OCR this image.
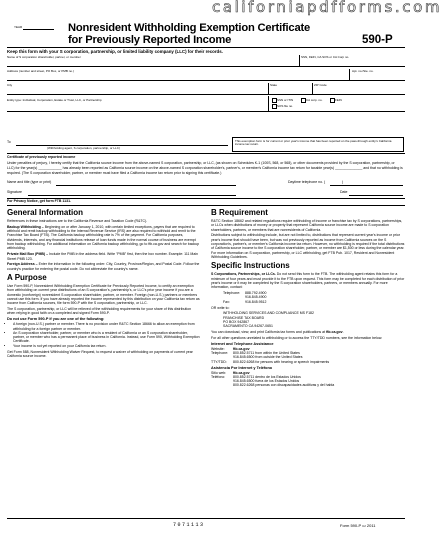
californiapdfforms.com
YEAR	Nonresident Withholding Exemption Certificate
for Previously Reported Income	590-P
Keep this form with your S corporation, partnership, or limited liability company (LLC) for their records.
Name of S corporation shareholder, partner, or member	SSN, FEIN, CA SOS or CA Corp no.
Address (number and street, PO Box, or PMB no.)	Apt. no./Ste. no.
City	State	ZIP Code
Entity type: Individual, Corporation, Estate or Trust, LLC, or Partnership	SSN or ITIN	CA corp. no.	FEIN
SOS file no.
To
(Withholding agent, S corporation, partnership, or LLC)
This exemption form is for current or prior year's income that has been reported on the pass-through entity's California income tax return.
Certificate of previously reported income
Under penalties of perjury, I hereby certify that the California source income from the above-named S corporation, partnership, or LLC, (as shown on Schedules K-1 (100S, 568, or 568), or other documents provided by the S corporation, partnership, or LLC) for the year(s) ____________ has already been reported as California source income on the above-named S corporation shareholder's, partner's, or member's California income tax return for taxable year(s) ______________ and that no withholding is required. (The S corporation shareholder, partner, or member must have filed a California income tax return prior to signing this certificate.)
Name and title (type or print)	Daytime telephone no. (	)
Signature	Date
For Privacy Notice, get form FTB 1131.
General Information

References in these instructions are to the California Revenue and Taxation Code (R&TC).

Backup Withholding – Beginning on or after January 1, 2010, with certain limited exceptions, payers that are required to withhold and remit backup withholding to the Internal Revenue Service (IRS) are also required to withhold and remit to the Franchise Tax Board (FTB). The California backup withholding rate is 7% of the payment. For California purposes, dividends, interests, and any financial institutions release of loan funds made in the normal course of business are exempt from backup withholding. For additional information on California backup withholding, go to ftb.ca.gov and search for backup withholding.

Private Mail Box (PMB) – Include the PMB in the address field. Write "PMB" first, then the box number. Example: 111 Main Street PMB 123.

Foreign Address – Enter the information in the following order: City, Country, Province/Region, and Postal Code. Follow the country's practice for entering the postal code. Do not abbreviate the country's name.

A Purpose

Use Form 590-P, Nonresident Withholding Exemption Certificate for Previously Reported Income, to certify an exemption from withholding on current year distributions of an S corporation's, partnership's, or LLC's prior year income if you are a domestic (nonforeign) nonresident S corporation shareholder, partner, or member. Foreign (non-U.S.) partners or members cannot use this form. If you have already reported the income represented by this distribution on your California tax return as income from California sources, file form 590-P with the S corporation, partnership, or LLC.

The S corporation, partnership, or LLC will be relieved of the withholding requirements for your share of this distribution when relying in good faith on a completed and signed Form 590-P.

Do not use Form 590-P if you are one of the following:

• A foreign (non-U.S.) partner or member. There is no provision under R&TC Section 18666 to allow an exemption from withholding for a foreign partner or member.
• An S corporation shareholder, partner, or member who is a resident of California or an S corporation shareholder, partner, or member who has a permanent place of business in California. Instead, use Form 590, Withholding Exemption Certificate.
• Your income is not yet reported on your California tax return.

Get Form 588, Nonresident Withholding Waiver Request, to request a waiver of withholding on payments of current year California source income.

B Requirement

R&TC Section 18662 and related regulations require withholding of income or franchise tax by S corporations, partnerships, or LLCs when distributions of money or property that represent California source income are made to S corporation shareholders, partners, or members that are nonresidents of California.

Distributions subject to withholding include, but are not limited to, distributions that represent current year's income or prior year's income that should have been, but was not previously reported as income from California sources on the S corporation's, partner's, or member's California income tax return. However, no withholding is required if the total distributions of California source income to the S corporation shareholder, partner, or member are $1,500 or less during the calendar year. For more information on S corporation, partnership, or LLC withholding, get FTB Pub. 1017, Resident and Nonresident Withholding Guidelines.

Specific Instructions

S Corporations, Partnerships, or LLCs. Do not send this form to the FTB. The withholding agent retains this form for a minimum of four years and must provide it to the FTB upon request. This form may be completed for each distribution of prior year's income or it may be completed by the S corporation shareholders, partners, or members annually. For more information, contact:

Telephone: 888.792.4900
916.845.4900
Fax:	916.845.9512

OR write to:

WITHHOLDING SERVICES AND COMPLIANCE MS F182
FRANCHISE TAX BOARD
PO BOX 942867
SACRAMENTO CA 94267-0651

You can download, view, and print California tax forms and publications at ftb.ca.gov.

For all other questions unrelated to withholding or to access the TTY/TDD numbers, see the information below.

Internet and Telephone Assistance

Website: ftb.ca.gov
Telephone: 800.852.5711 from within the United States
916.845.6500 from outside the United States
TTY/TDD: 800.822.6268 for persons with hearing or speech impairments

Asistencia Por Internet y Teléfono

Sitio web: ftb.ca.gov
Teléfono: 800.852.5711 dentro de los Estados Unidos
916.845.6500 fuera de los Estados Unidos
800.822.6268 personas con discapacidades auditivas y del habla
7071113	Form 590-P C2 2011
